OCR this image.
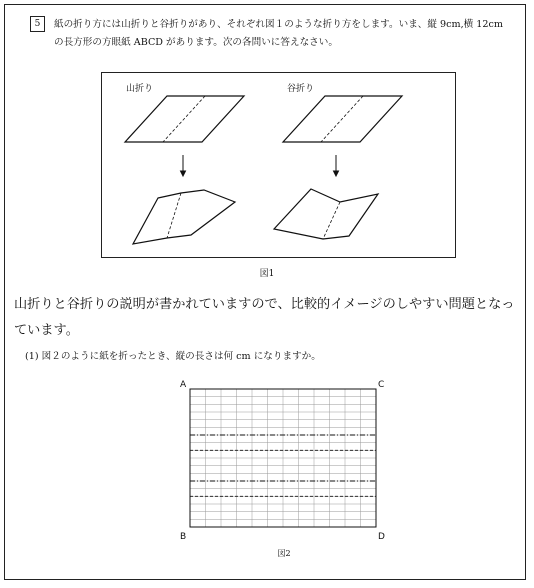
5	紙の折り方には山折りと谷折りがあり、それぞれ図１のような折り方をします。いま、縦 9cm,横 12cm の長方形の方眼紙 ABCD があります。次の各問いに答えなさい。
山折り	谷折り
図1
山折りと谷折りの説明が書かれていますので、比較的イメージのしやすい問題となっています。
(1) 図２のように紙を折ったとき、縦の長さは何 cm になりますか。
A
B
C
D
図2
